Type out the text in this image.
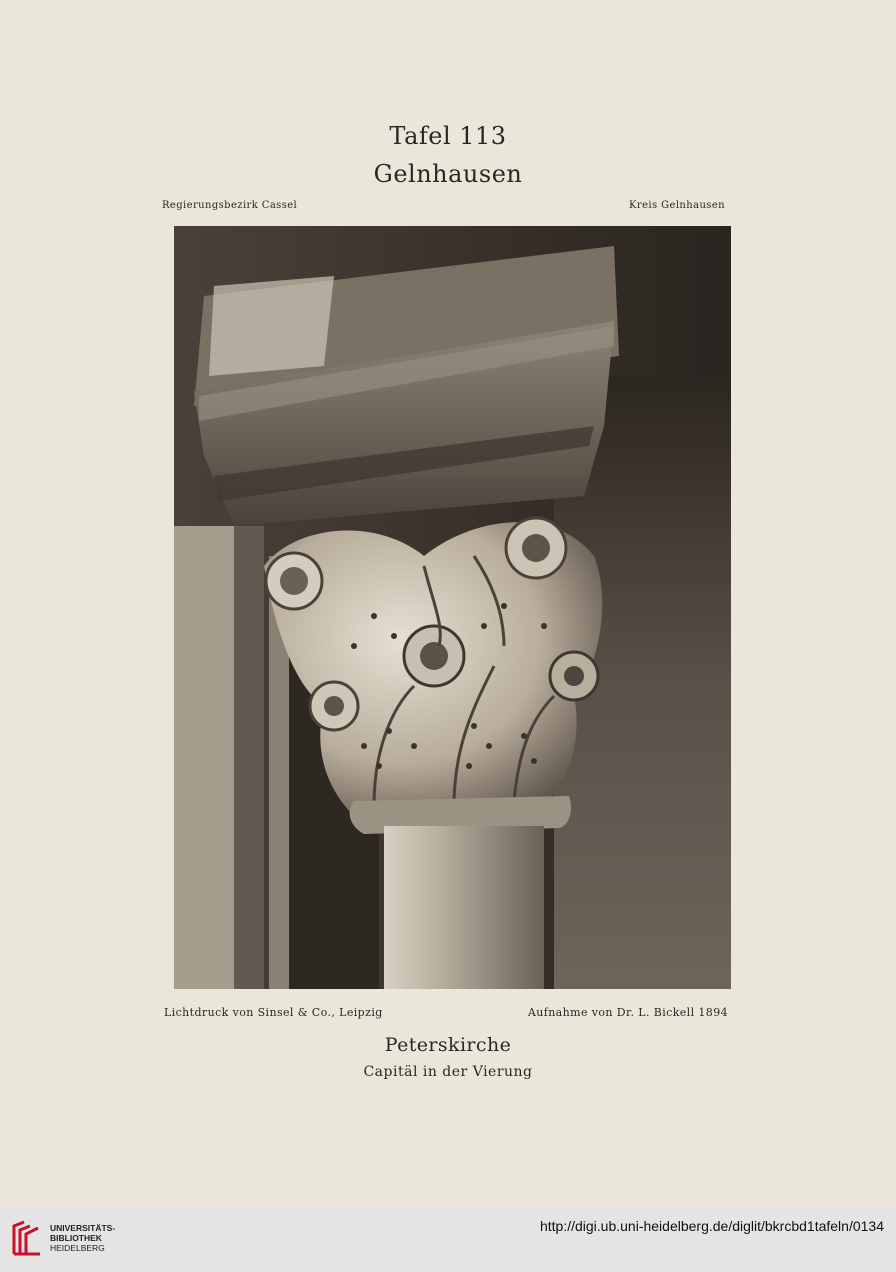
Tafel 113
Gelnhausen
Regierungsbezirk Cassel	Kreis Gelnhausen
Lichtdruck von Sinsel & Co., Leipzig	Aufnahme von Dr. L. Bickell 1894
Peterskirche
Capitäl in der Vierung
UNIVERSITÄTS-
BIBLIOTHEK
HEIDELBERG
http://digi.ub.uni-heidelberg.de/diglit/bkrcbd1tafeln/0134
